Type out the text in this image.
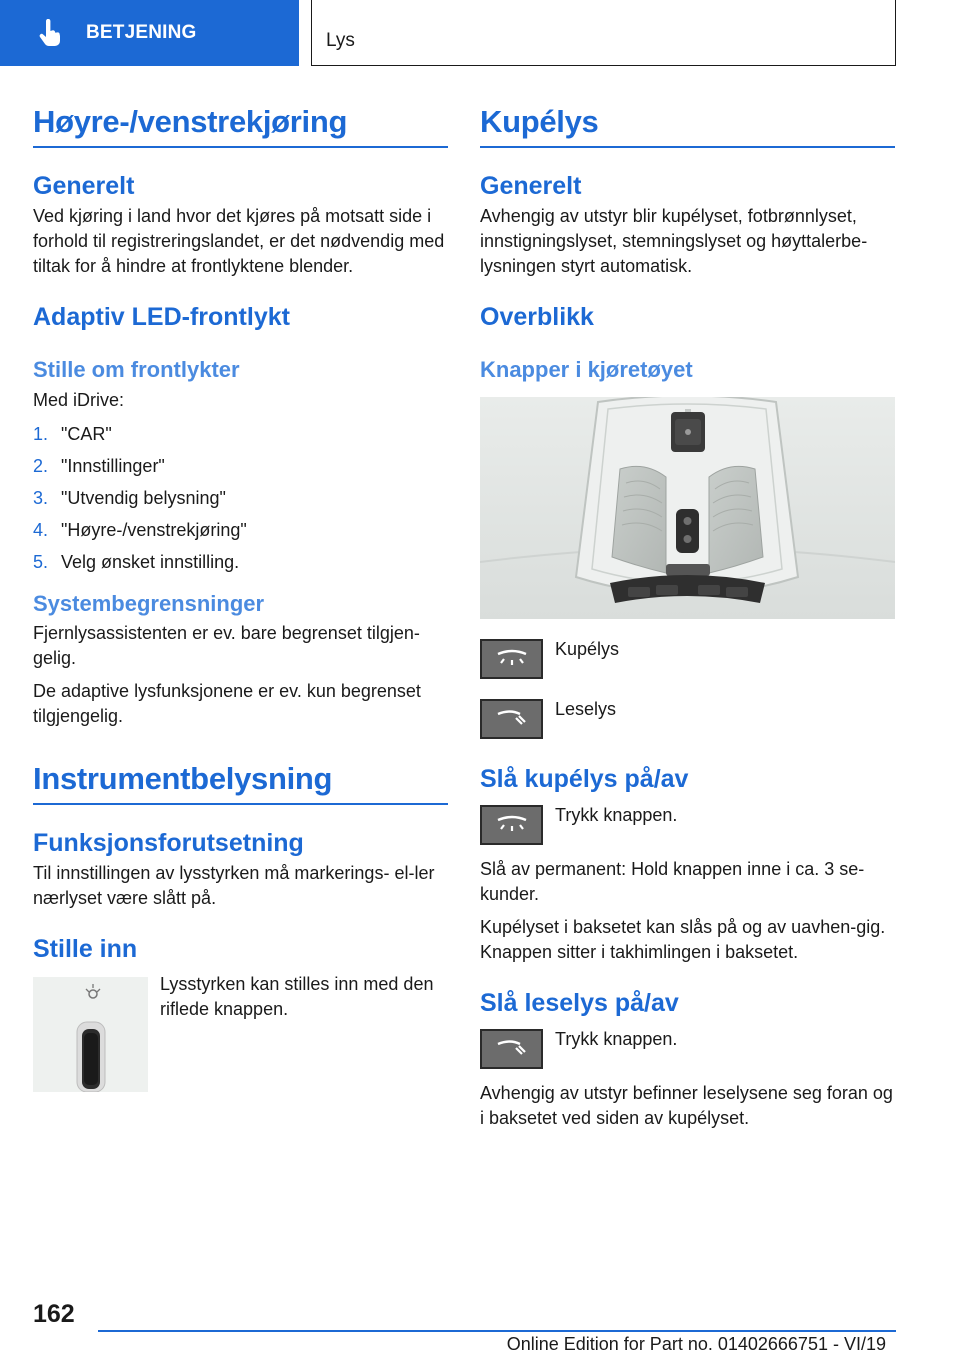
BETJENING	Lys
Høyre-/venstrekjøring
Generelt
Ved kjøring i land hvor det kjøres på motsatt side i forhold til registreringslandet, er det nødvendig med tiltak for å hindre at frontlyktene blender.
Adaptiv LED-frontlykt
Stille om frontlykter
Med iDrive:
1. "CAR"
2. "Innstillinger"
3. "Utvendig belysning"
4. "Høyre-/venstrekjøring"
5. Velg ønsket innstilling.
Systembegrensninger
Fjernlysassistenten er ev. bare begrenset tilgjen-gelig.
De adaptive lysfunksjonene er ev. kun begrenset tilgjengelig.
Instrumentbelysning
Funksjonsforutsetning
Til innstillingen av lysstyrken må markerings- el-ler nærlyset være slått på.
Stille inn
Lysstyrken kan stilles inn med den riflede knappen.
Kupélys
Generelt
Avhengig av utstyr blir kupélyset, fotbrønnlyset, innstigningslyset, stemningslyset og høyttalerbe-lysningen styrt automatisk.
Overblikk
Knapper i kjøretøyet
Kupélys
Leselys
Slå kupélys på/av
Trykk knappen.
Slå av permanent: Hold knappen inne i ca. 3 se-kunder.
Kupélyset i baksetet kan slås på og av uavhen-gig. Knappen sitter i takhimlingen i baksetet.
Slå leselys på/av
Trykk knappen.
Avhengig av utstyr befinner leselysene seg foran og i baksetet ved siden av kupélyset.
162
Online Edition for Part no. 01402666751 - VI/19
